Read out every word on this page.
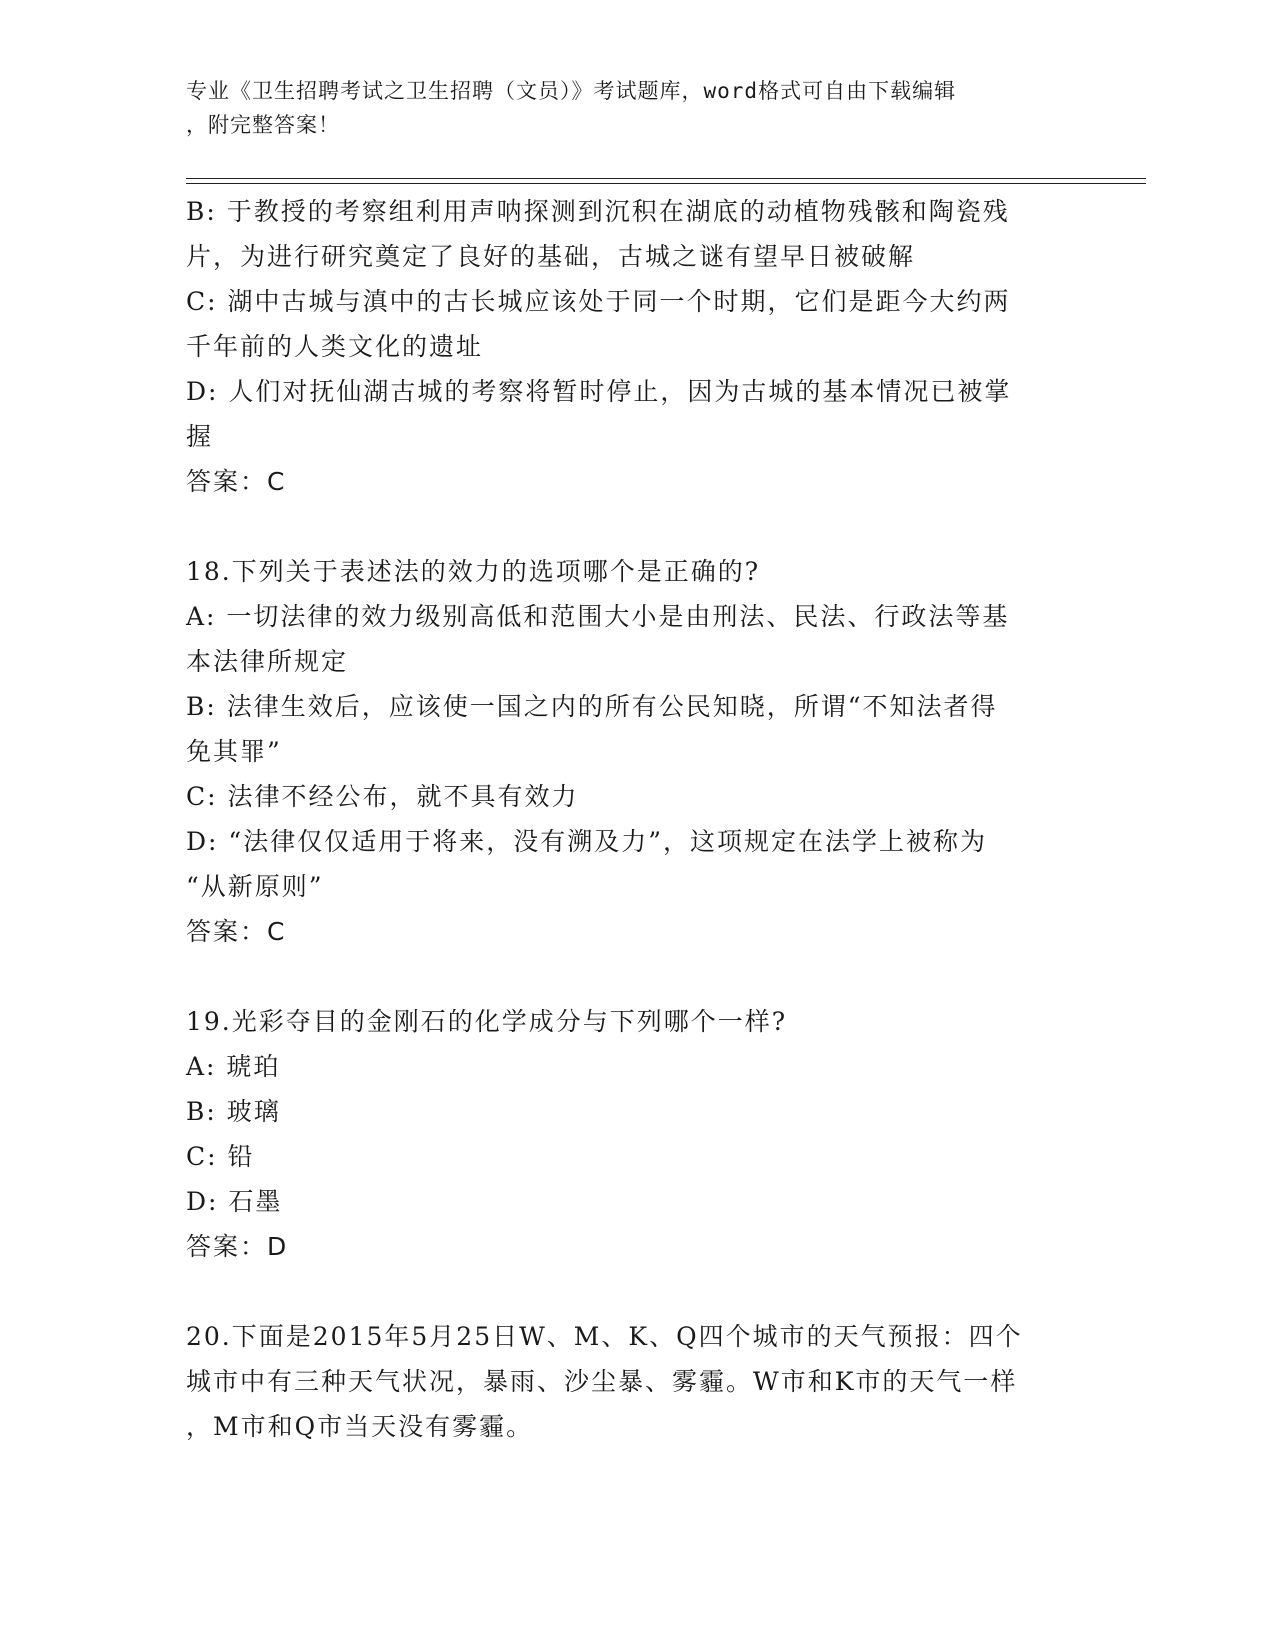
专业《卫生招聘考试之卫生招聘（文员）》考试题库，word格式可自由下载编辑
，附完整答案！
B: 于教授的考察组利用声呐探测到沉积在湖底的动植物残骸和陶瓷残
片，为进行研究奠定了良好的基础，古城之谜有望早日被破解
C: 湖中古城与滇中的古长城应该处于同一个时期，它们是距今大约两
千年前的人类文化的遗址
D: 人们对抚仙湖古城的考察将暂时停止，因为古城的基本情况已被掌
握
答案：C
18.下列关于表述法的效力的选项哪个是正确的?
A: 一切法律的效力级别高低和范围大小是由刑法、民法、行政法等基
本法律所规定
B: 法律生效后，应该使一国之内的所有公民知晓，所谓“不知法者得
免其罪”
C: 法律不经公布，就不具有效力
D: “法律仅仅适用于将来，没有溯及力”，这项规定在法学上被称为
“从新原则”
答案：C
19.光彩夺目的金刚石的化学成分与下列哪个一样?
A: 琥珀
B: 玻璃
C: 铅
D: 石墨
答案：D
20.下面是2015年5月25日W、M、K、Q四个城市的天气预报：四个
城市中有三种天气状况，暴雨、沙尘暴、雾霾。W市和K市的天气一样
，M市和Q市当天没有雾霾。
